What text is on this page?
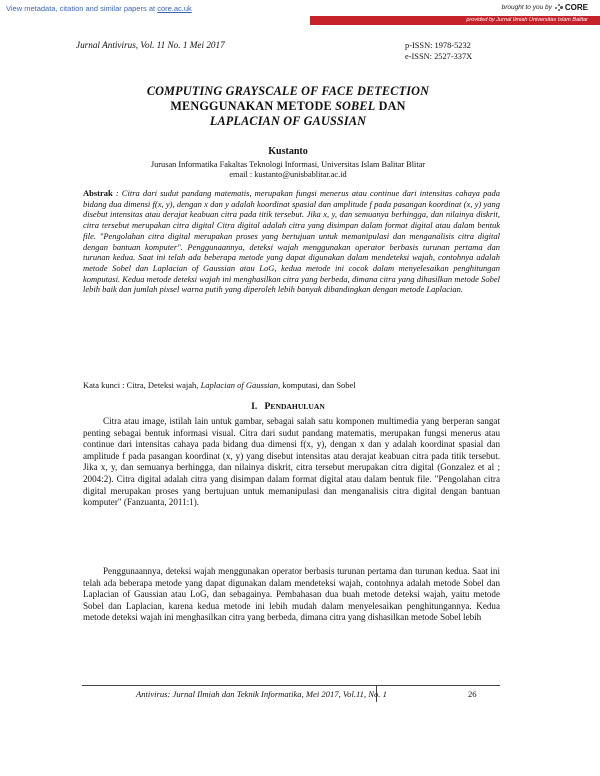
View metadata, citation and similar papers at core.ac.uk	brought to you by CORE
provided by Jurnal Ilmiah Universitas Islam Balitar
Jurnal Antivirus, Vol. 11 No. 1 Mei 2017	p-ISSN: 1978-5232
e-ISSN: 2527-337X
COMPUTING GRAYSCALE OF FACE DETECTION
MENGGUNAKAN METODE SOBEL DAN
LAPLACIAN OF GAUSSIAN
Kustanto
Jurusan Informatika Fakaltas Teknologi Informasi, Universitas Islam Balitar Blitar
email : kustanto@unisbablitar.ac.id
Abstrak : Citra dari sudut pandang matematis, merupakan fungsi menerus atau continue dari intensitas cahaya pada bidang dua dimensi f(x, y), dengan x dan y adalah koordinat spasial dan amplitude f pada pasangan koordinat (x, y) yang disebut intensitas atau derajat keabuan citra pada titik tersebut. Jika x, y, dan semuanya berhingga, dan nilainya diskrit, citra tersebut merupakan citra digital Citra digital adalah citra yang disimpan dalam format digital atau dalam bentuk file. "Pengolahan citra digital merupakan proses yang bertujuan untuk memanipulasi dan menganalisis citra digital dengan bantuan komputer". Penggunaannya, deteksi wajah menggunakan operator berbasis turunan pertama dan turunan kedua. Saat ini telah ada beberapa metode yang dapat digunakan dalam mendeteksi wajah, contohnya adalah metode Sobel dan Laplacian of Gaussian atau LoG, kedua metode ini cocok dalam menyelesaikan penghitungan komputasi. Kedua metode deteksi wajah ini menghasilkan citra yang berbeda, dimana citra yang dihasilkan metode Sobel lebih baik dan jumlah pixsel warna putih yang diperoleh lebih banyak dibandingkan dengan metode Laplacian.
Kata kunci : Citra, Deteksi wajah, Laplacian of Gaussian, komputasi, dan Sobel
I. PENDAHULUAN

Citra atau image, istilah lain untuk gambar, sebagai salah satu komponen multimedia yang berperan sangat penting sebagai bentuk informasi visual. Citra dari sudut pandang matematis, merupakan fungsi menerus atau continue dari intensitas cahaya pada bidang dua dimensi f(x, y), dengan x dan y adalah koordinat spasial dan amplitude f pada pasangan koordinat (x, y) yang disebut intensitas atau derajat keabuan citra pada titik tersebut. Jika x, y, dan semuanya berhingga, dan nilainya diskrit, citra tersebut merupakan citra digital (Gonzalez et al ; 2004:2). Citra digital adalah citra yang disimpan dalam format digital atau dalam bentuk file. "Pengolahan citra digital merupakan proses yang bertujuan untuk memanipulasi dan menganalisis citra digital dengan bantuan komputer" (Fanzuanta, 2011:1).

Penggunaannya, deteksi wajah menggunakan operator berbasis turunan pertama dan turunan kedua. Saat ini telah ada beberapa metode yang dapat digunakan dalam mendeteksi wajah, contohnya adalah metode Sobel dan Laplacian of Gaussian atau LoG, dan sebagainya. Pembahasan dua buah metode deteksi wajah, yaitu metode Sobel dan Laplacian, karena kedua metode ini lebih mudah dalam menyelesaikan penghitungannya. Kedua metode deteksi wajah ini menghasilkan citra yang berbeda, dimana citra yang dishasilkan metode Sobel lebih

Antivirus: Jurnal Ilmiah dan Teknik Informatika, Mei 2017, Vol.11, No. 1	26
